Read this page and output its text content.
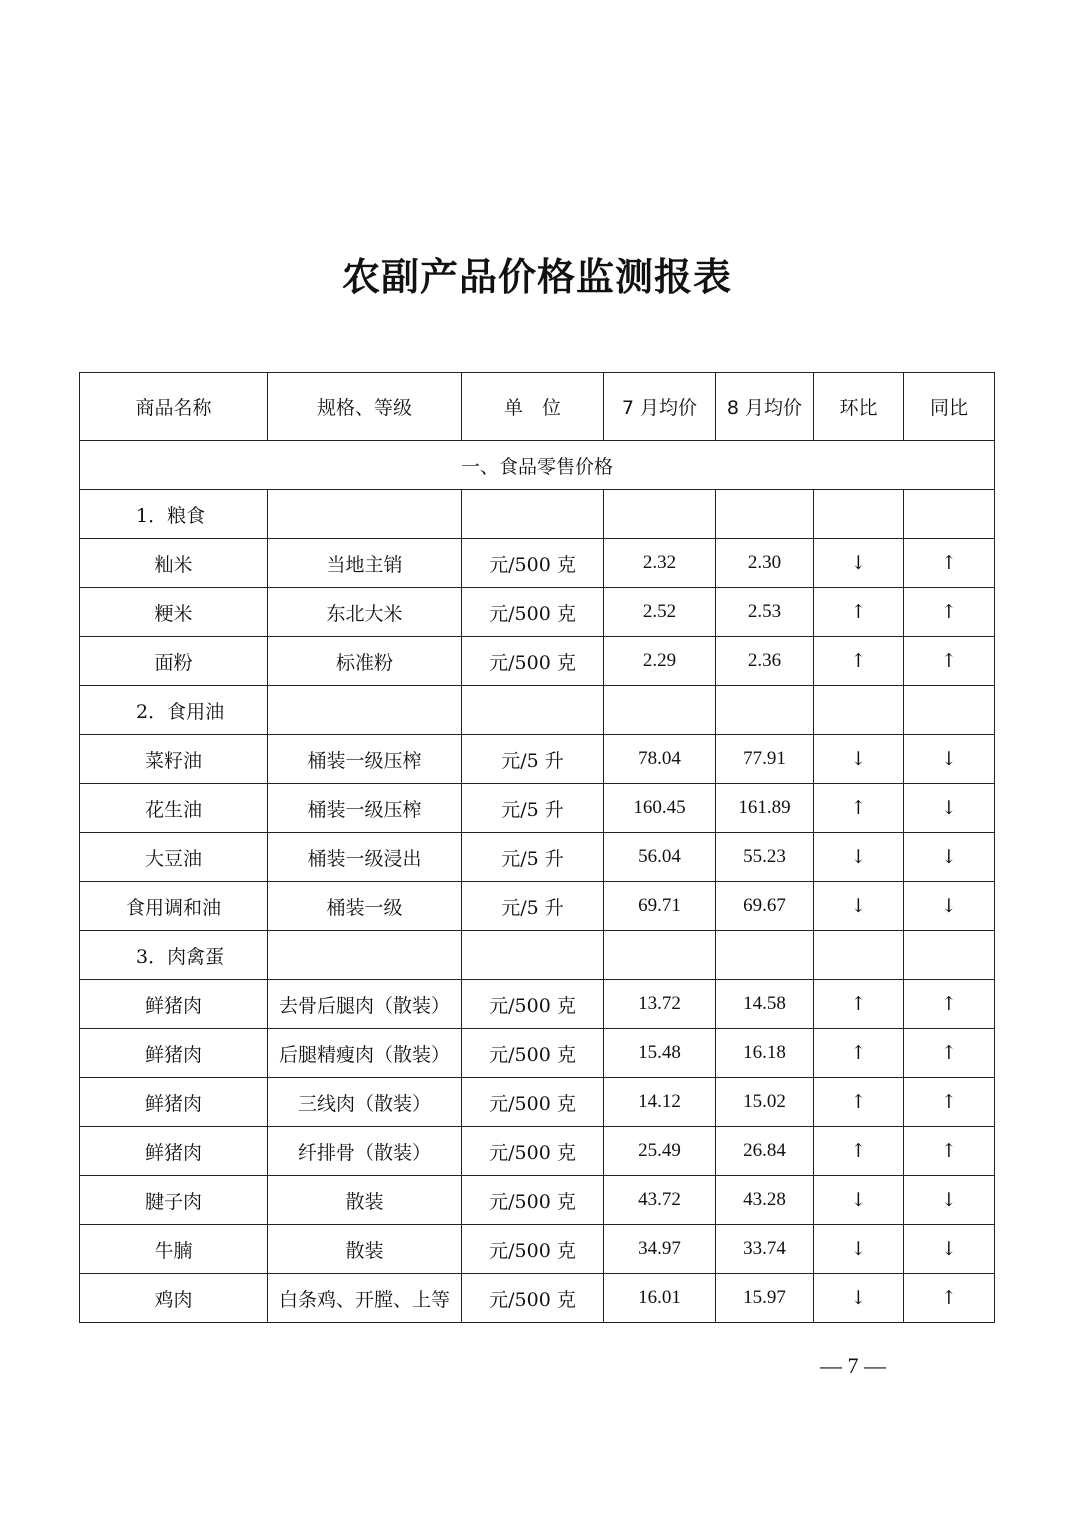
农副产品价格监测报表
商品名称	规格、等级	单　位	7 月均价	8 月均价	环比	同比
一、食品零售价格						
1．粮食						
籼米	当地主销	元/500 克	2.32	2.30	↓	↑
粳米	东北大米	元/500 克	2.52	2.53	↑	↑
面粉	标准粉	元/500 克	2.29	2.36	↑	↑
2．食用油						
菜籽油	桶装一级压榨	元/5 升	78.04	77.91	↓	↓
花生油	桶装一级压榨	元/5 升	160.45	161.89	↑	↓
大豆油	桶装一级浸出	元/5 升	56.04	55.23	↓	↓
食用调和油	桶装一级	元/5 升	69.71	69.67	↓	↓
3．肉禽蛋						
鲜猪肉	去骨后腿肉（散装）	元/500 克	13.72	14.58	↑	↑
鲜猪肉	后腿精瘦肉（散装）	元/500 克	15.48	16.18	↑	↑
鲜猪肉	三线肉（散装）	元/500 克	14.12	15.02	↑	↑
鲜猪肉	纤排骨（散装）	元/500 克	25.49	26.84	↑	↑
腱子肉	散装	元/500 克	43.72	43.28	↓	↓
牛腩	散装	元/500 克	34.97	33.74	↓	↓
鸡肉	白条鸡、开膛、上等	元/500 克	16.01	15.97	↓	↑
— 7 —
